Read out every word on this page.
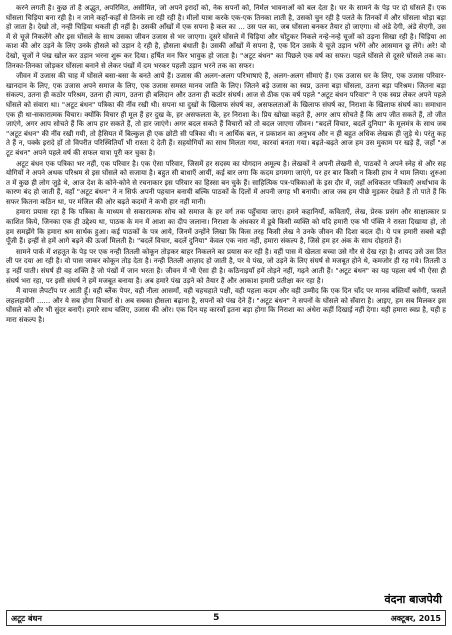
करने लगती है। कुछ तो है अद्भुत, अपरिमित, असीमित, जो अपने इरादों को, नेक सपनों को, निर्मल भावनाओं को बल देता है। घर के सामने के पेड़ पर दो घोंसले हैं। एक घोंसला चिड़िया बना रही है। न जाने कहाँ-कहाँ से तिनके ला रही रही है। मीलों यात्रा करके एक-एक तिनका लाती है, उसको चुन रही है पलते के तिनकों में और घोंसला थोड़ा बड़ा हो जाता है। देखो तो, नन्ही चिड़िया थकती ही नहीं है। उसकी आँखों में एक सपना है कल का ... उस पल का, जब घोंसला बनकर तैयार हो जाएगा। वो अंडे देगी, अंडे सेएगी, उसमें से चूजे निकलेंगे और इस घोंसले के साथ उसका जीवन उजास से भर जाएगा। दूसरे घोंसले में चिड़िया और चोंटुकर निकले नन्हे-नन्हे चूजों को उड़ना सिखा रही है। चिड़िया आकाश की ओर उड़ने के लिए उनके हौसले को उड़ान दे रही है, हौसला बंधाती है। उसकी आँखों में सपना है, एक दिन उसके ये चूजे उड़ान भरेंगे और आसमान छू लेंगे। अरे! वो देखो, चूजों ने पंख खोल कर उड़ान भरना शुरू कर दिया। हर्षित मन फिर भावुक हो जाता है। "अटूट बंधन" का पिछले एक वर्ष का सफर। पहले घोंसले से दूसरे घोंसले तक का। तिनका-तिनका जोड़कर घोंसला बनाने से लेकर पंखों में दम भरकर पहली उड़ान भरने तक का सफर।

जीवन में उजास की चाह में घोंसले बसा-बसा के बनते आये हैं। उजास की अलग-अलग परिभाषाएं हैं, अलग-अलग सीमाएं हैं। एक उजास घर के लिए, एक उजास परिवार-खानदान के लिए, एक उजास अपने समाज के लिए, एक उजास समस्त मानव जाति के लिए। जितने बड़े उजास का स्वप्न, उतना बड़ा घोंसला, उतना बड़ा परिश्रम। जितना बड़ा संकल्प, उतना ही कठोर परिश्रम, उतना ही त्याग, उतना ही बलिदान और उतना ही कठोर संघर्ष। आज से ठीक एक वर्ष पहले "अटूट बंधन परिवार" ने एक स्वप्न लेकर अपने पहले घोंसले को संवारा था। "अटूट बंधन" पत्रिका की नींव रखी थी। सपना था दुखों के खिलाफ संघर्ष का, असफलताओं के खिलाफ संघर्ष का, निराशा के खिलाफ संघर्ष का। समाधान एक ही था-सकारात्मक विचार। क्योंकि विचार ही मूल हैं हर दुख के, हर असफलता के, हर निराशा के। प्रिय खोखा कहते हैं, अगर आप सोचते हैं कि आप जीत सकते हैं, तो जीत जाएंगे, अगर आप सोचते हैं कि आप हार सकते हैं, तो हार जाएंगे। अगर बदल सकते हैं विचारों को तो बदल जाएगा जीवन। "बदलें विचार, बदलें दुनिया" के मूलमंत्र के साथ जब "अटूट बंधन" की नींव रखी गयी, तो हैसियत में बिल्कुल ही एक छोटी सी पत्रिका थी। न आर्थिक बल, न प्रकाशन का अनुभव और न ही बहुत अधिक लेखक ही जुड़े थे। परंतु कहते हैं न, पक्के इरादे हों तो विपरीत परिस्थितियाँ भी रास्ता दे देती हैं। सहयोगियों का साथ मिलता गया, कारवां बनता गया। बढ़ते-बढ़ते आज हम उस मुकाम पर खड़े हैं, जहाँ "अटूट बंधन" अपने पहले वर्ष की सफल यात्रा पूरी कर चुका है।

अटूट बंधन एक पत्रिका भर नहीं, एक परिवार है। एक ऐसा परिवार, जिसमें हर सदस्य का योगदान अमूल्य है। लेखकों ने अपनी लेखनी से, पाठकों ने अपने स्नेह से और सहयोगियों ने अपने अथक परिश्रम से इस घोंसले को सजाया है। बहुत सी बाधाएँ आयीं, कई बार लगा कि कदम डगमगा जाएंगे, पर हर बार किसी न किसी हाथ ने थाम लिया। शुरुआत में कुछ ही लोग जुड़े थे, आज देश के कोने-कोने से रचनाकार इस परिवार का हिस्सा बन चुके हैं। साहित्यिक पत्र-पत्रिकाओं के इस दौर में, जहाँ अधिकतर पत्रिकाएँ अर्थाभाव के कारण बंद हो जाती हैं, वहाँ "अटूट बंधन" ने न सिर्फ अपनी पहचान बनायी बल्कि पाठकों के दिलों में अपनी जगह भी बनायी। आज जब हम पीछे मुड़कर देखते हैं तो पाते हैं कि सफर कितना कठिन था, पर मंजिल की ओर बढ़ते कदमों ने कभी हार नहीं मानी।

हमारा प्रयास रहा है कि पत्रिका के माध्यम से सकारात्मक सोच को समाज के हर वर्ग तक पहुँचाया जाए। हमने कहानियाँ, कविताएँ, लेख, प्रेरक प्रसंग और साक्षात्कार प्रकाशित किये, जिनका एक ही उद्देश्य था, पाठक के मन में आशा का दीप जलाना। निराशा के अंधकार में डूबे किसी व्यक्ति को यदि हमारी एक भी पंक्ति ने रास्ता दिखाया हो, तो हम समझेंगे कि हमारा श्रम सार्थक हुआ। कई पाठकों के पत्र आये, जिनमें उन्होंने लिखा कि किस तरह किसी लेख ने उनके जीवन की दिशा बदल दी। ये पत्र हमारी सबसे बड़ी पूँजी हैं। इन्हीं से हमें आगे बढ़ने की ऊर्जा मिलती है। "बदलें विचार, बदलें दुनिया" केवल एक नारा नहीं, हमारा संकल्प है, जिसे हम हर अंक के साथ दोहराते हैं।

सामने पार्क में शहतूत के पेड़ पर एक नन्ही तितली कोकून तोड़कर बाहर निकलने का प्रयास कर रही है। वहीं पास में खेलता बच्चा उसे गौर से देख रहा है। शायद उसे उस तितली पर दया आ रही है। वो पास जाकर कोकून तोड़ देता है। नन्ही तितली आज़ाद हो जाती है, पर वे पंख, जो उड़ने के लिए संघर्ष से मजबूत होने थे, कमजोर ही रह गये। तितली उड़ नहीं पाती। संघर्ष ही वह शक्ति है जो पंखों में जान भरता है। जीवन में भी ऐसा ही है। कठिनाइयाँ हमें तोड़ने नहीं, गढ़ने आती हैं। "अटूट बंधन" का यह पहला वर्ष भी ऐसा ही संघर्ष भरा रहा, पर इसी संघर्ष ने हमें मजबूत बनाया है। अब हमारे पंख उड़ने को तैयार हैं और आकाश हमारी प्रतीक्षा कर रहा है।

मैं वापस लैपटॉप पर आती हूँ। वही ब्लैंक पेपर, वही नीला आसमाँ, वही चहचहाते पक्षी, वही पहला कदम और वही उम्मीद कि एक दिन चाँद पर मानव बस्तियाँ बसेंगी, फसलें लहलहायेंगी ...... और ये सब होगा विचारों से। अब सबका हौसला बढ़ाना है, सपनों को पंख देने हैं। "अटूट बंधन" ने सपनों के घोंसले को सँवारा है। आइए, हम सब मिलकर इस घोंसले को और भी सुंदर बनाएँ। हमारे साथ चलिए, उजास की ओर। एक दिन यह कारवाँ इतना बड़ा होगा कि निराशा का अंधेरा कहीं दिखाई नहीं देगा। यही हमारा स्वप्न है, यही हमारा संकल्प है।

वंदना बाजपेयी
अटूट बंधन	5	अक्टूबर, 2015
